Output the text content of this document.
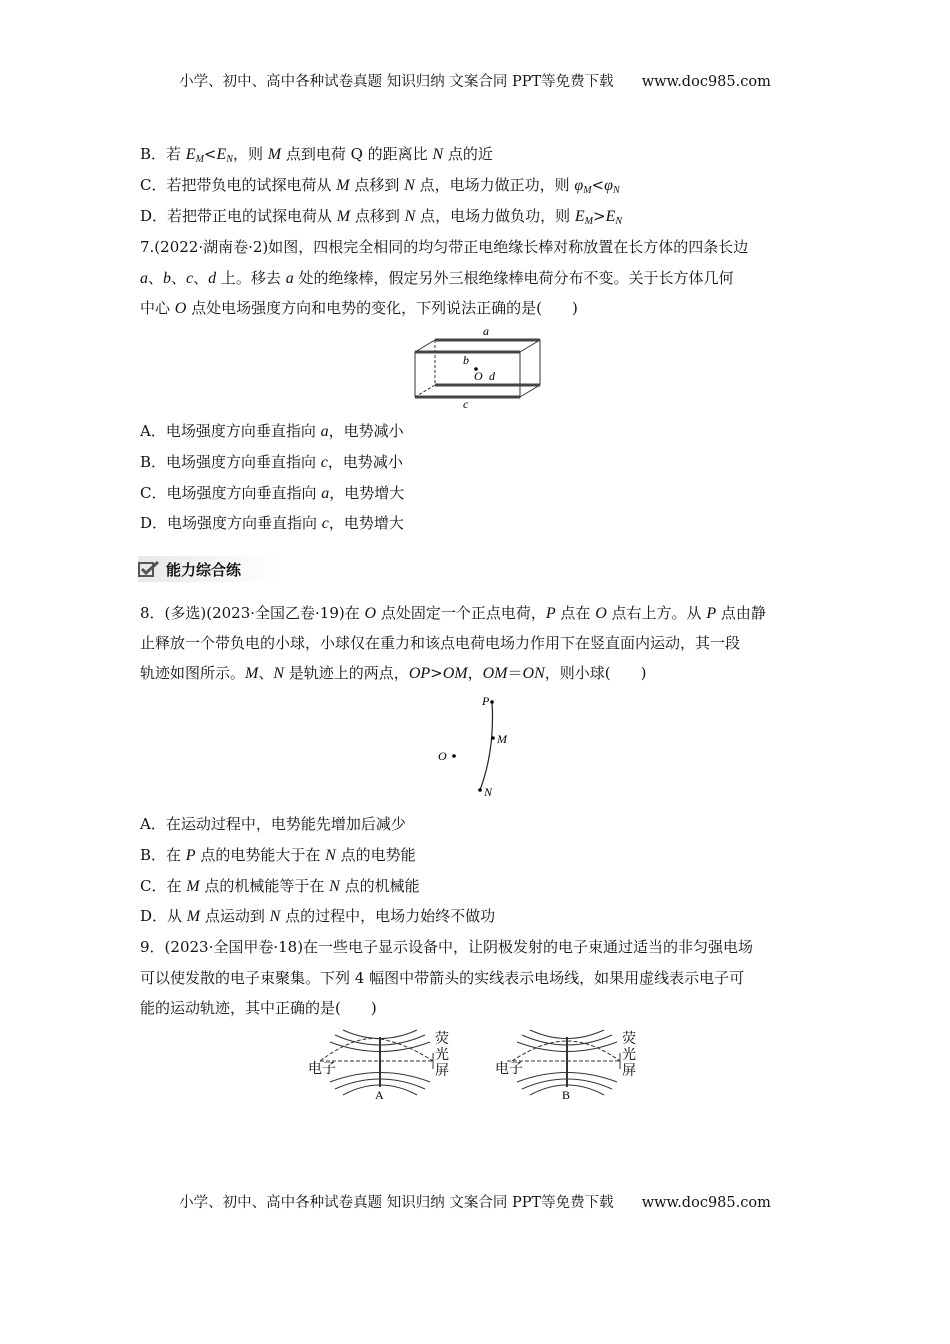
小学、初中、高中各种试卷真题 知识归纳 文案合同 PPT等免费下载 www.doc985.com
B．若 $E_M<E_N$，则 M 点到电荷 Q 的距离比 N 点的近
C．若把带负电的试探电荷从 M 点移到 N 点，电场力做正功，则 $\varphi_M<\varphi_N$
D．若把带正电的试探电荷从 M 点移到 N 点，电场力做负功，则 $E_M>E_N$
7.(2022·湖南卷·2)如图，四根完全相同的均匀带正电绝缘长棒对称放置在长方体的四条长边
a、b、c、d 上。移去 a 处的绝缘棒，假定另外三根绝缘棒电荷分布不变。关于长方体几何
中心 O 点处电场强度方向和电势的变化，下列说法正确的是(　　)
A．电场强度方向垂直指向 a，电势减小
B．电场强度方向垂直指向 c，电势减小
C．电场强度方向垂直指向 a，电势增大
D．电场强度方向垂直指向 c，电势增大
8．(多选)(2023·全国乙卷·19)在 O 点处固定一个正点电荷，P 点在 O 点右上方。从 P 点由静
止释放一个带负电的小球，小球仅在重力和该点电荷电场力作用下在竖直面内运动，其一段
轨迹如图所示。M、N 是轨迹上的两点，OP>OM，OM＝ON，则小球(　　)
A．在运动过程中，电势能先增加后减少
B．在 P 点的电势能大于在 N 点的电势能
C．在 M 点的机械能等于在 N 点的机械能
D．从 M 点运动到 N 点的过程中，电场力始终不做功
9．(2023·全国甲卷·18)在一些电子显示设备中，让阴极发射的电子束通过适当的非匀强电场
可以使发散的电子束聚集。下列 4 幅图中带箭头的实线表示电场线，如果用虚线表示电子可
能的运动轨迹，其中正确的是(　　)
能力综合练
a
b
O d
c
P
M
O
N
电子
荧
光
屏
A
电子
荧
光
屏
B
小学、初中、高中各种试卷真题 知识归纳 文案合同 PPT等免费下载 www.doc985.com
